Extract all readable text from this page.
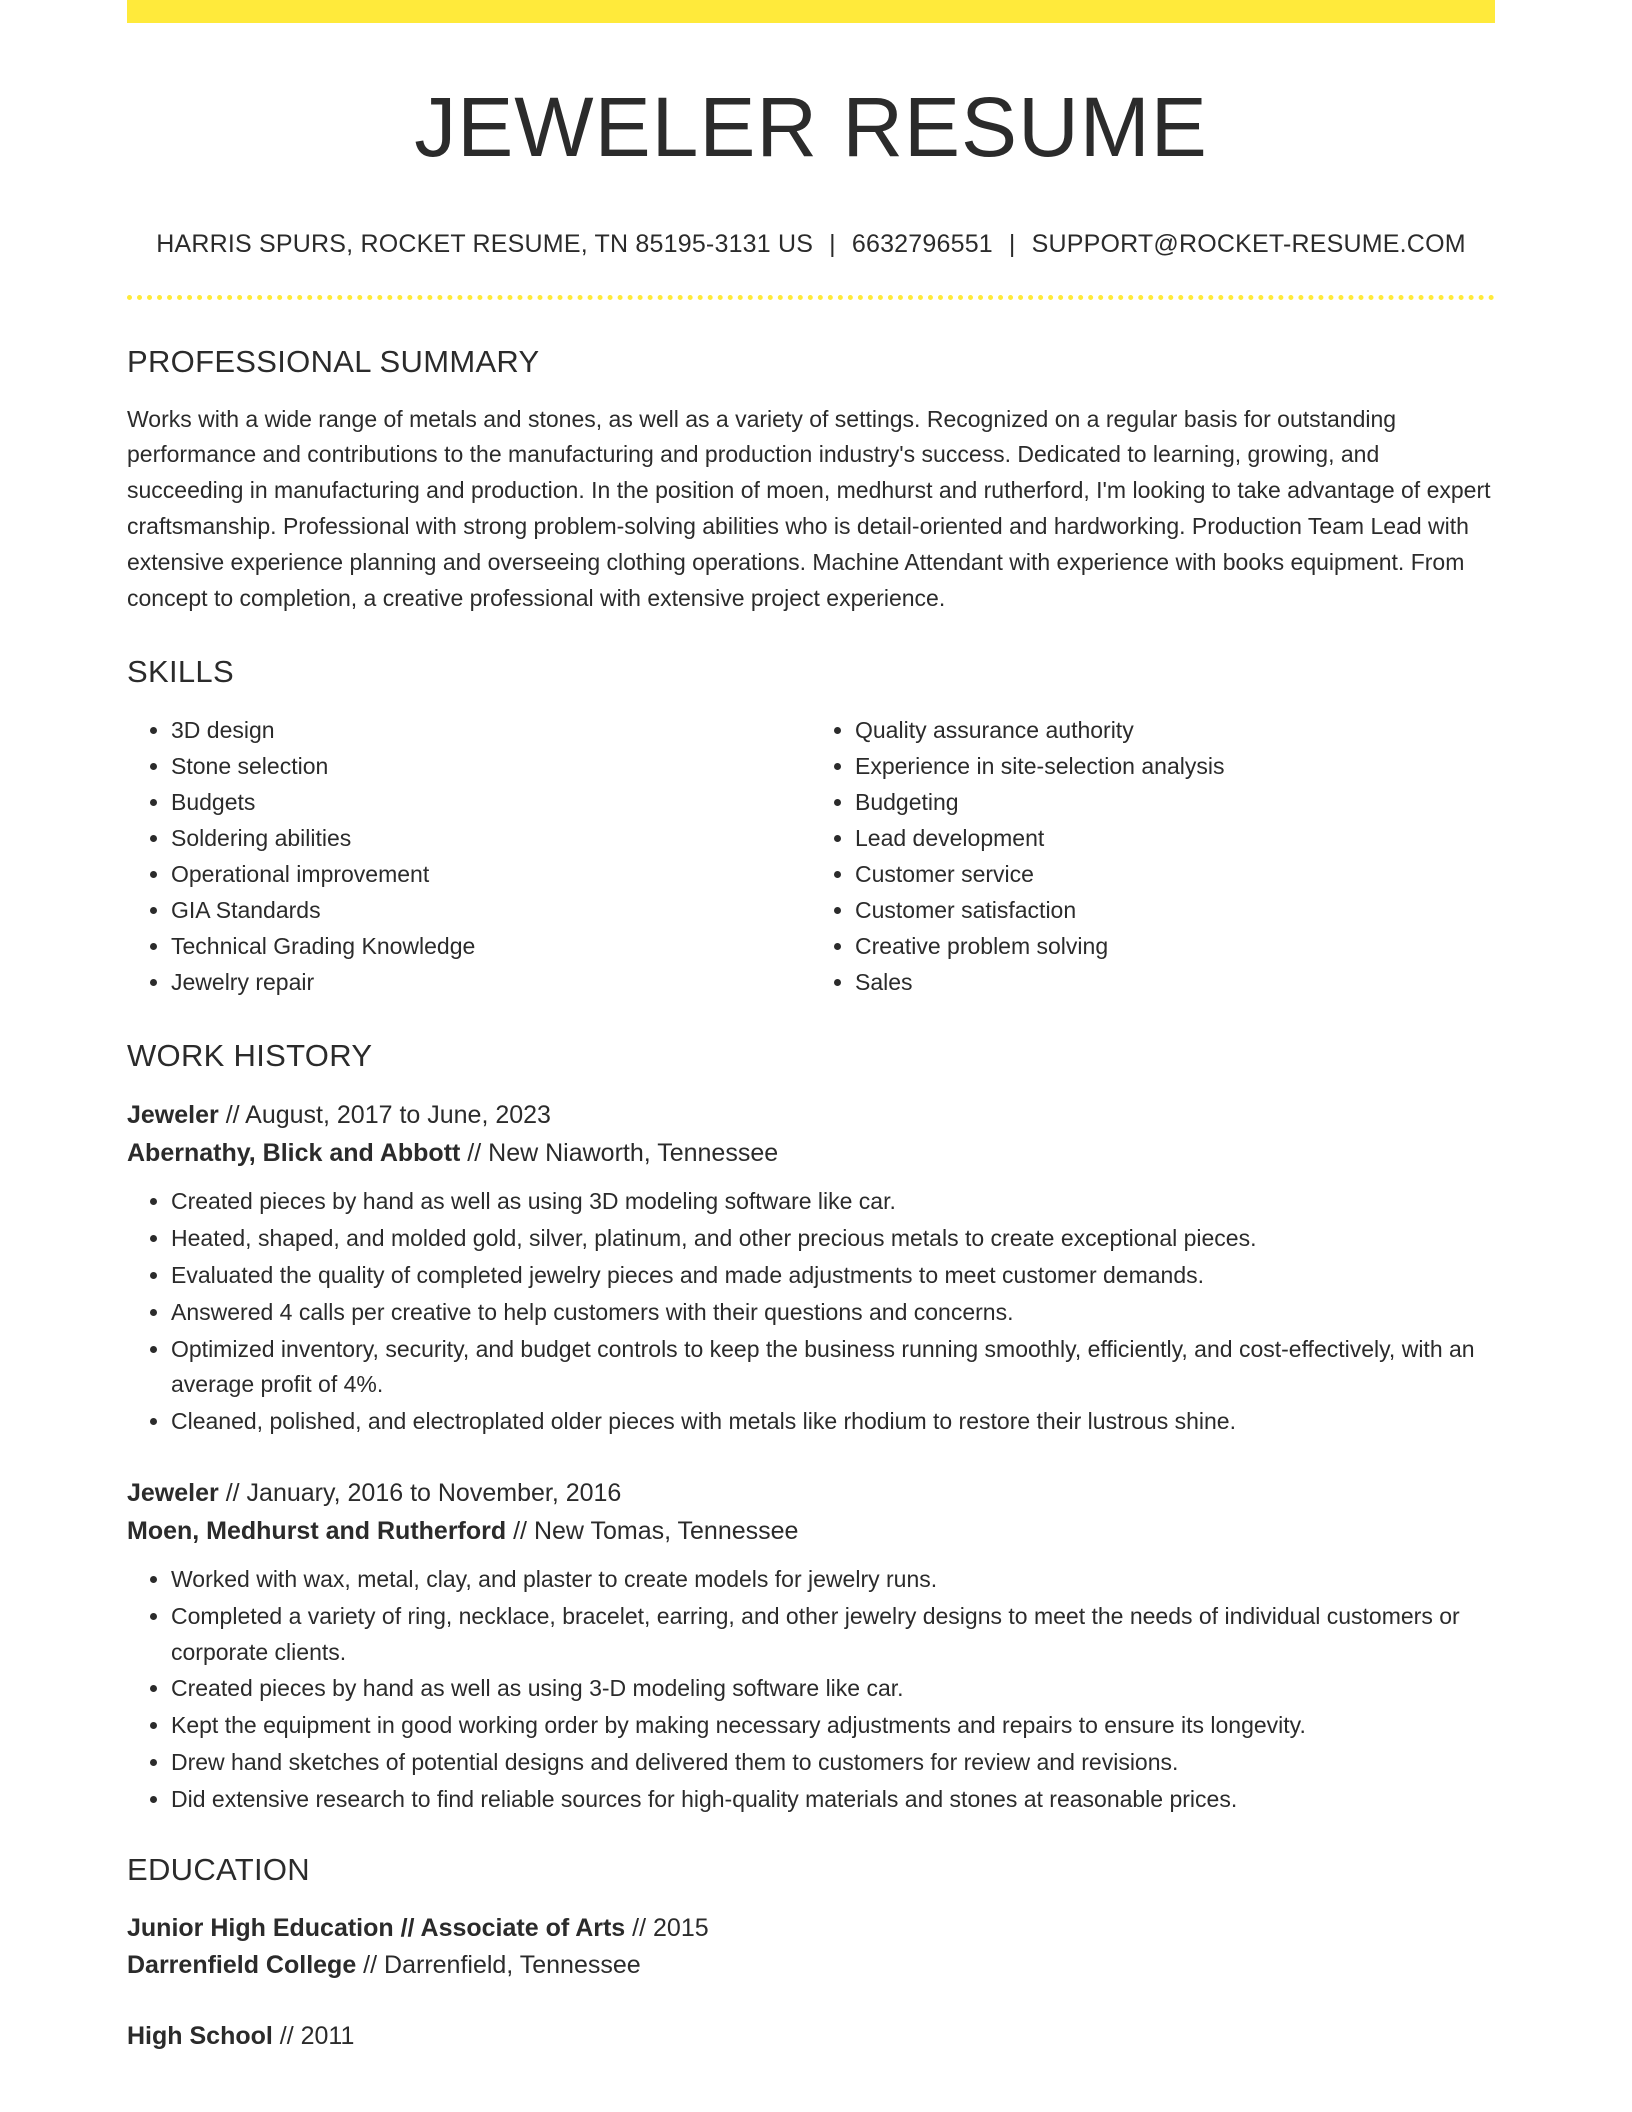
JEWELER RESUME
HARRIS SPURS, ROCKET RESUME, TN 85195-3131 US | 6632796551 | SUPPORT@ROCKET-RESUME.COM
PROFESSIONAL SUMMARY

Works with a wide range of metals and stones, as well as a variety of settings. Recognized on a regular basis for outstanding performance and contributions to the manufacturing and production industry's success. Dedicated to learning, growing, and succeeding in manufacturing and production. In the position of moen, medhurst and rutherford, I'm looking to take advantage of expert craftsmanship. Professional with strong problem-solving abilities who is detail-oriented and hardworking. Production Team Lead with extensive experience planning and overseeing clothing operations. Machine Attendant with experience with books equipment. From concept to completion, a creative professional with extensive project experience.

SKILLS
• 3D design
• Stone selection
• Budgets
• Soldering abilities
• Operational improvement
• GIA Standards
• Technical Grading Knowledge
• Jewelry repair
• Quality assurance authority
• Experience in site-selection analysis
• Budgeting
• Lead development
• Customer service
• Customer satisfaction
• Creative problem solving
• Sales
WORK HISTORY
Jeweler // August, 2017 to June, 2023
Abernathy, Blick and Abbott // New Niaworth, Tennessee
• Created pieces by hand as well as using 3D modeling software like car.
• Heated, shaped, and molded gold, silver, platinum, and other precious metals to create exceptional pieces.
• Evaluated the quality of completed jewelry pieces and made adjustments to meet customer demands.
• Answered 4 calls per creative to help customers with their questions and concerns.
• Optimized inventory, security, and budget controls to keep the business running smoothly, efficiently, and cost-effectively, with an average profit of 4%.
• Cleaned, polished, and electroplated older pieces with metals like rhodium to restore their lustrous shine.
Jeweler // January, 2016 to November, 2016
Moen, Medhurst and Rutherford // New Tomas, Tennessee
• Worked with wax, metal, clay, and plaster to create models for jewelry runs.
• Completed a variety of ring, necklace, bracelet, earring, and other jewelry designs to meet the needs of individual customers or corporate clients.
• Created pieces by hand as well as using 3-D modeling software like car.
• Kept the equipment in good working order by making necessary adjustments and repairs to ensure its longevity.
• Drew hand sketches of potential designs and delivered them to customers for review and revisions.
• Did extensive research to find reliable sources for high-quality materials and stones at reasonable prices.
EDUCATION
Junior High Education // Associate of Arts // 2015
Darrenfield College // Darrenfield, Tennessee
High School // 2011
